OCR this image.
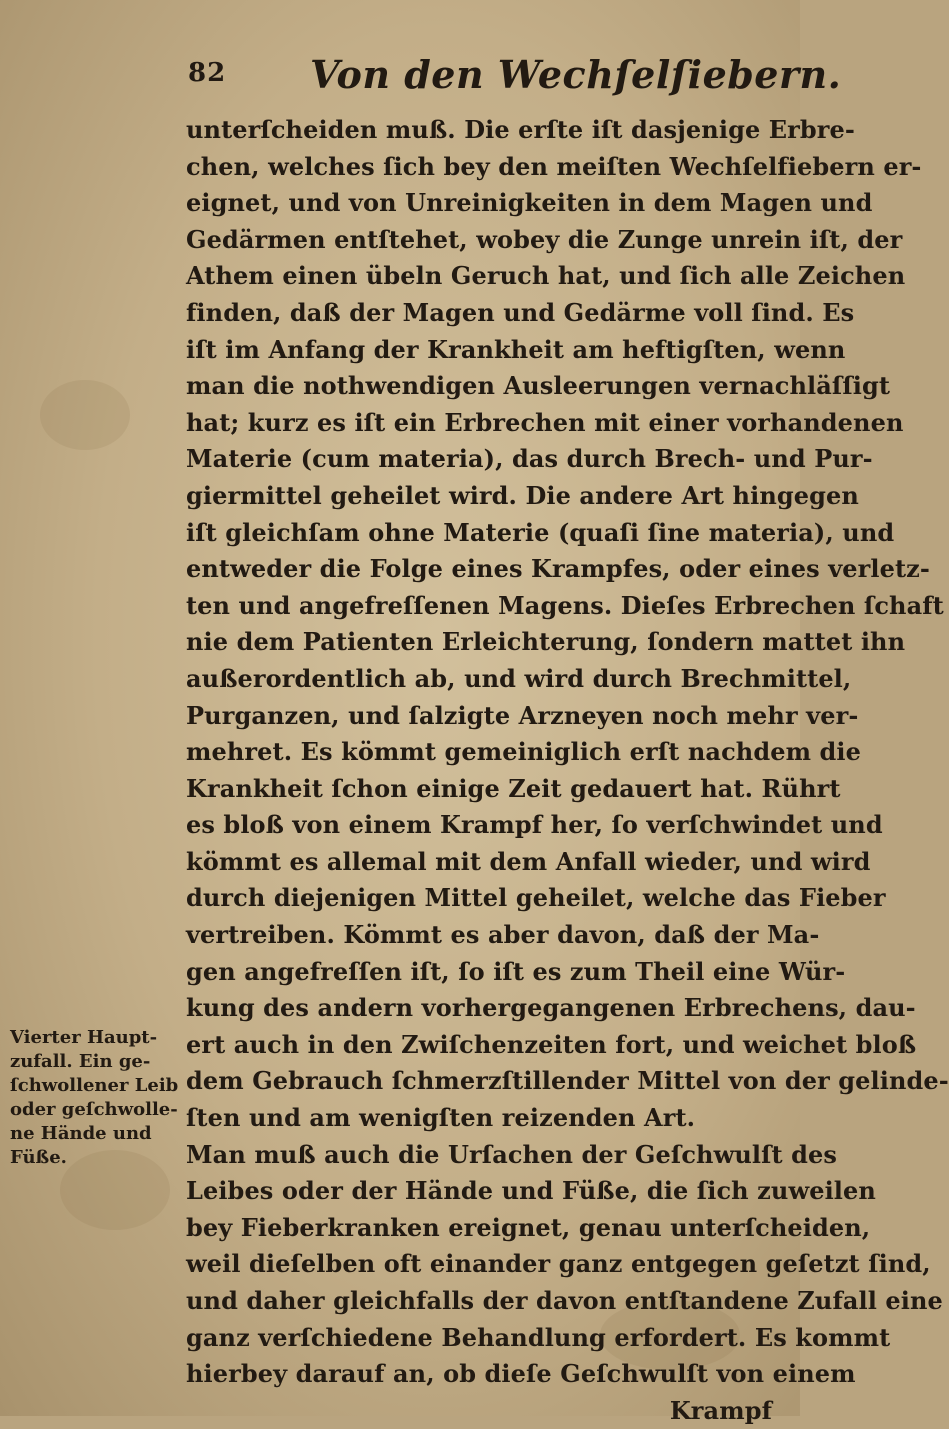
82 Von den Wechſelſiebern.
unterſcheiden muß. Die erſte iſt dasjenige Erbre-
chen, welches ſich bey den meiſten Wechſelfiebern er-
eignet, und von Unreinigkeiten in dem Magen und
Gedärmen entſtehet, wobey die Zunge unrein iſt, der
Athem einen übeln Geruch hat, und ſich alle Zeichen
finden, daß der Magen und Gedärme voll ſind. Es
iſt im Anfang der Krankheit am heftigſten, wenn
man die nothwendigen Ausleerungen vernachläſſigt
hat; kurz es iſt ein Erbrechen mit einer vorhandenen
Materie (cum materia), das durch Brech- und Pur-
giermittel geheilet wird. Die andere Art hingegen
iſt gleichſam ohne Materie (quaſi ſine materia), und
entweder die Folge eines Krampfes, oder eines verletz-
ten und angefreſſenen Magens. Dieſes Erbrechen ſchaft
nie dem Patienten Erleichterung, ſondern mattet ihn
außerordentlich ab, und wird durch Brechmittel,
Purganzen, und ſalzigte Arzneyen noch mehr ver-
mehret. Es kömmt gemeiniglich erſt nachdem die
Krankheit ſchon einige Zeit gedauert hat. Rührt
es bloß von einem Krampf her, ſo verſchwindet und
kömmt es allemal mit dem Anfall wieder, und wird
durch diejenigen Mittel geheilet, welche das Fieber
vertreiben. Kömmt es aber davon, daß der Ma-
gen angefreſſen iſt, ſo iſt es zum Theil eine Wür-
kung des andern vorhergegangenen Erbrechens, dau-
ert auch in den Zwiſchenzeiten fort, und weichet bloß
dem Gebrauch ſchmerzſtillender Mittel von der gelinde-
ſten und am wenigſten reizenden Art.
Man muß auch die Urſachen der Geſchwulſt des
Leibes oder der Hände und Füße, die ſich zuweilen
bey Fieberkranken ereignet, genau unterſcheiden,
weil dieſelben oft einander ganz entgegen geſetzt ſind,
und daher gleichfalls der davon entſtandene Zufall eine
ganz verſchiedene Behandlung erfordert. Es kommt
hierbey darauf an, ob dieſe Geſchwulſt von einem
Krampf
Vierter Haupt-
zufall. Ein ge-
ſchwollener Leib
oder geſchwolle-
ne Hände und
Füße.
